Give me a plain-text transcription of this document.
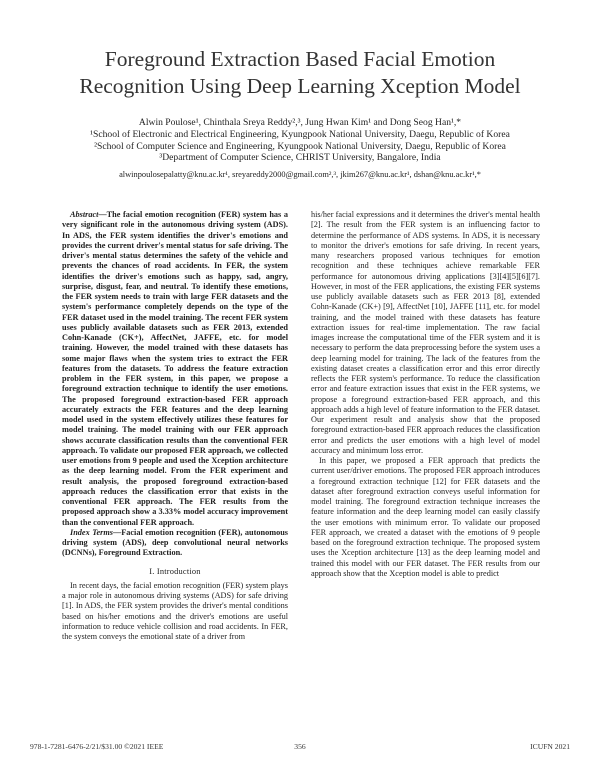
Foreground Extraction Based Facial Emotion
Recognition Using Deep Learning Xception Model
Alwin Poulose¹, Chinthala Sreya Reddy²,³, Jung Hwan Kim¹ and Dong Seog Han¹,*
¹School of Electronic and Electrical Engineering, Kyungpook National University, Daegu, Republic of Korea
²School of Computer Science and Engineering, Kyungpook National University, Daegu, Republic of Korea
³Department of Computer Science, CHRIST University, Bangalore, India
alwinpoulosepalatty@knu.ac.kr¹, sreyareddy2000@gmail.com²,³, jkim267@knu.ac.kr¹, dshan@knu.ac.kr¹,*

Abstract—The facial emotion recognition (FER) system has a very significant role in the autonomous driving system (ADS). In ADS, the FER system identifies the driver's emotions and provides the current driver's mental status for safe driving. The driver's mental status determines the safety of the vehicle and prevents the chances of road accidents. In FER, the system identifies the driver's emotions such as happy, sad, angry, surprise, disgust, fear, and neutral. To identify these emotions, the FER system needs to train with large FER datasets and the system's performance completely depends on the type of the FER dataset used in the model training. The recent FER system uses publicly available datasets such as FER 2013, extended Cohn-Kanade (CK+), AffectNet, JAFFE, etc. for model training. However, the model trained with these datasets has some major flaws when the system tries to extract the FER features from the datasets. To address the feature extraction problem in the FER system, in this paper, we propose a foreground extraction technique to identify the user emotions. The proposed foreground extraction-based FER approach accurately extracts the FER features and the deep learning model used in the system effectively utilizes these features for model training. The model training with our FER approach shows accurate classification results than the conventional FER approach. To validate our proposed FER approach, we collected user emotions from 9 people and used the Xception architecture as the deep learning model. From the FER experiment and result analysis, the proposed foreground extraction-based approach reduces the classification error that exists in the conventional FER approach. The FER results from the proposed approach show a 3.33% model accuracy improvement than the conventional FER approach.

Index Terms—Facial emotion recognition (FER), autonomous driving system (ADS), deep convolutional neural networks (DCNNs), Foreground Extraction.

I. Introduction

In recent days, the facial emotion recognition (FER) system plays a major role in autonomous driving systems (ADS) for safe driving [1]. In ADS, the FER system provides the driver's mental conditions based on his/her emotions and the driver's emotions are useful information to reduce vehicle collision and road accidents. In FER, the system conveys the emotional state of a driver from

his/her facial expressions and it determines the driver's mental health [2]. The result from the FER system is an influencing factor to determine the performance of ADS systems. In ADS, it is necessary to monitor the driver's emotions for safe driving. In recent years, many researchers proposed various techniques for emotion recognition and these techniques achieve remarkable FER performance for autonomous driving applications [3][4][5][6][7]. However, in most of the FER applications, the existing FER systems use publicly available datasets such as FER 2013 [8], extended Cohn-Kanade (CK+) [9], AffectNet [10], JAFFE [11], etc. for model training, and the model trained with these datasets has feature extraction issues for real-time implementation. The raw facial images increase the computational time of the FER system and it is necessary to perform the data preprocessing before the system uses a deep learning model for training. The lack of the features from the existing dataset creates a classification error and this error directly reflects the FER system's performance. To reduce the classification error and feature extraction issues that exist in the FER systems, we propose a foreground extraction-based FER approach, and this approach adds a high level of feature information to the FER dataset. Our experiment result and analysis show that the proposed foreground extraction-based FER approach reduces the classification error and predicts the user emotions with a high level of model accuracy and minimum loss error.

In this paper, we proposed a FER approach that predicts the current user/driver emotions. The proposed FER approach introduces a foreground extraction technique [12] for FER datasets and the dataset after foreground extraction conveys useful information for model training. The foreground extraction technique increases the feature information and the deep learning model can easily classify the user emotions with minimum error. To validate our proposed FER approach, we created a dataset with the emotions of 9 people based on the foreground extraction technique. The proposed system uses the Xception architecture [13] as the deep learning model and trained this model with our FER dataset. The FER results from our approach show that the Xception model is able to predict

978-1-7281-6476-2/21/$31.00 ©2021 IEEE	356	ICUFN 2021
